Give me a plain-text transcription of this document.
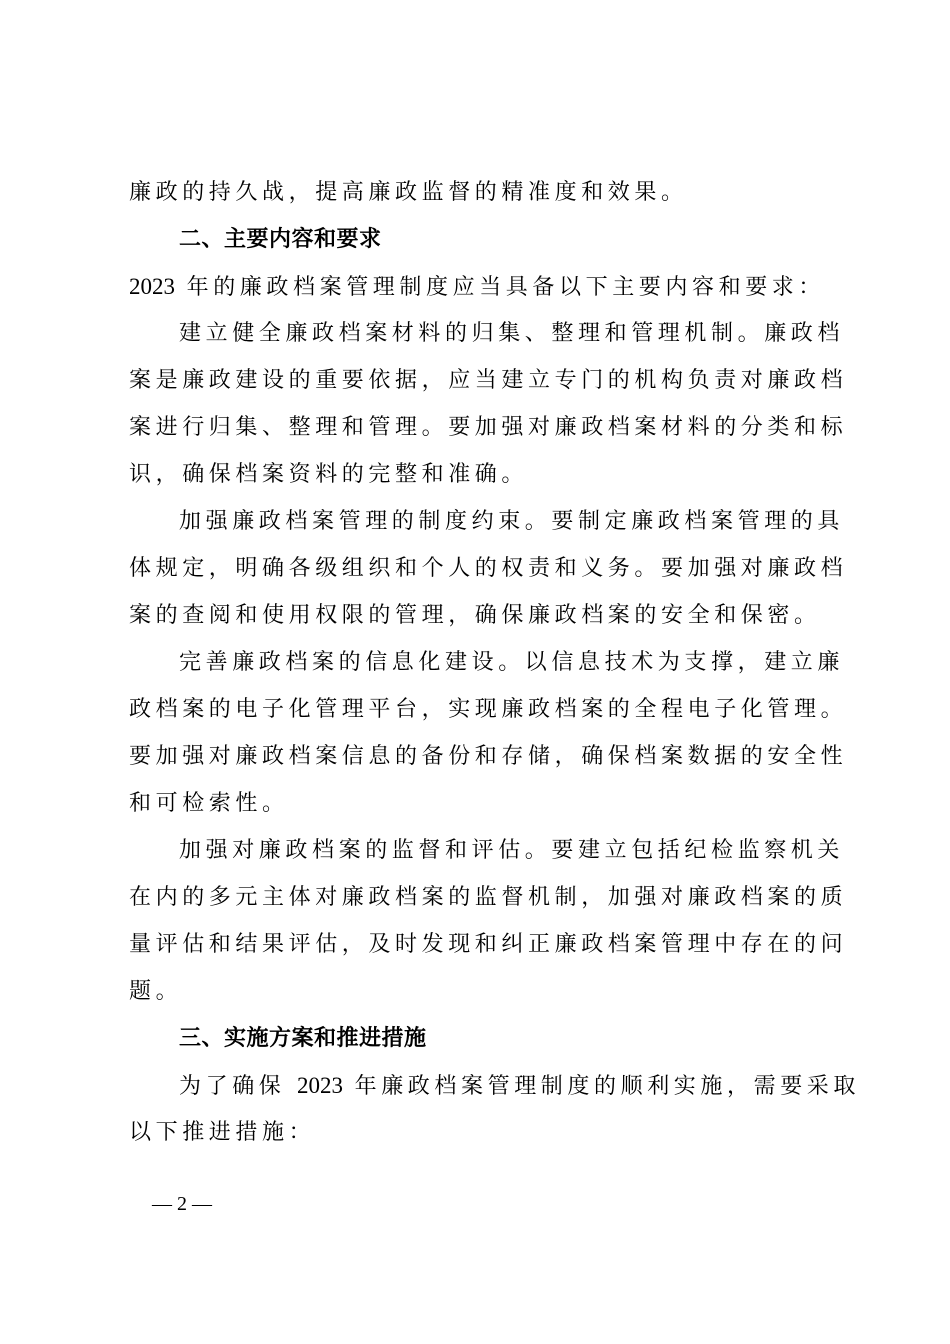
廉政的持久战，提高廉政监督的精准度和效果。
二、主要内容和要求
2023 年的廉政档案管理制度应当具备以下主要内容和要求：
建立健全廉政档案材料的归集、整理和管理机制。廉政档
案是廉政建设的重要依据，应当建立专门的机构负责对廉政档
案进行归集、整理和管理。要加强对廉政档案材料的分类和标
识，确保档案资料的完整和准确。
加强廉政档案管理的制度约束。要制定廉政档案管理的具
体规定，明确各级组织和个人的权责和义务。要加强对廉政档
案的查阅和使用权限的管理，确保廉政档案的安全和保密。
完善廉政档案的信息化建设。以信息技术为支撑，建立廉
政档案的电子化管理平台，实现廉政档案的全程电子化管理。
要加强对廉政档案信息的备份和存储，确保档案数据的安全性
和可检索性。
加强对廉政档案的监督和评估。要建立包括纪检监察机关
在内的多元主体对廉政档案的监督机制，加强对廉政档案的质
量评估和结果评估，及时发现和纠正廉政档案管理中存在的问
题。
三、实施方案和推进措施
为了确保 2023 年廉政档案管理制度的顺利实施，需要采取
以下推进措施：
— 2 —
